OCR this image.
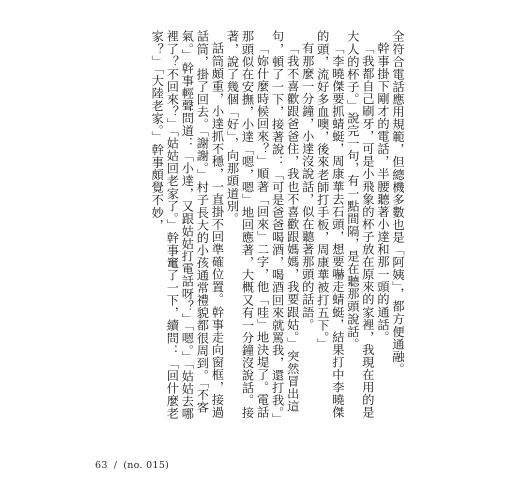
全符合電話應用規範，但總機多數也是「阿姨」，都方便通融。

幹事掛下剛才的電話，半腰聽著小達和那一頭的通話。

「我都自己刷牙，可是小飛象的杯子放在原來的家裡，我現在用的是大人的杯子。」說完一句，有一點間隔，是在聽那頭說話。

「李曉傑要抓蜻蜓，周康華去石頭，想要嚇走蜻蜓，結果打中李曉傑的頭，流好多血噢，後來老師打手板，周康華被打五下。」

有那麼一分鐘，小達沒說話，似在聽著那頭的話語。

「我不喜歡跟爸爸住，我也不喜歡跟媽媽，我要跟姑。」突然冒出這句，頓了一下，接著說：「可是爸爸喝酒，喝酒回來就罵我，還打我。」

「妳什麼時候回來？」順著「回來」二字，他「哇」地決堤了。電話那頭似在安撫，小達「嗯，嗯」地回應著，大概又有一分鐘沒說話。接著，說了幾個「好」，向那頭道別。

話筒頗重，小達抓不穩，一直掛不回準確位置。幹事走向窗框，接過話筒，掛了回去。「謝謝。」村子長大的小孩通常禮貌都很周到。「不客氣。」幹事輕聲問道：「小達，又跟姑姑打電話呀？」「嗯。」「姑姑去哪裡了？不回來？」「姑姑回老家了。」幹事竃了一下，續問：「回什麼老家？」「大陸老家。」幹事頗覺不妙，

63 / (no. 015)
